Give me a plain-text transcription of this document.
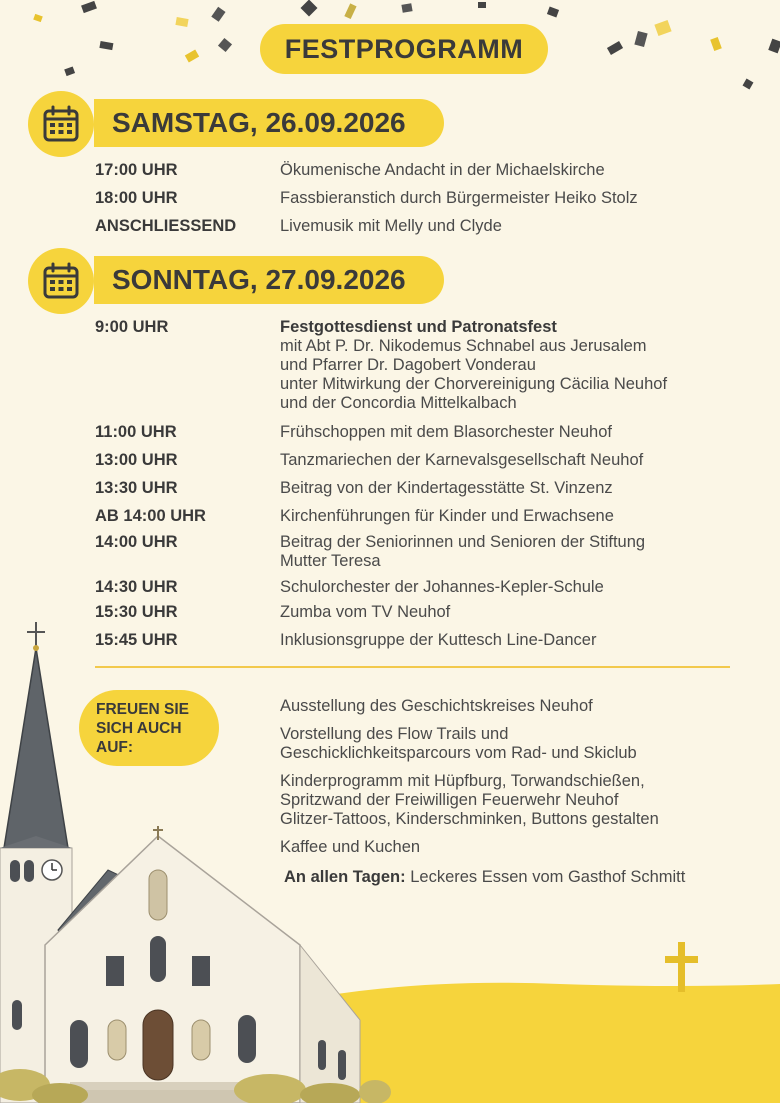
FESTPROGRAMM
SAMSTAG, 26.09.2026
17:00 UHR	Ökumenische Andacht in der Michaelskirche
18:00 UHR	Fassbieranstich durch Bürgermeister Heiko Stolz
ANSCHLIESSEND	Livemusik mit Melly und Clyde
SONNTAG, 27.09.2026
9:00 UHR	Festgottesdienst und Patronatsfest
mit Abt P. Dr. Nikodemus Schnabel aus Jerusalem
und Pfarrer Dr. Dagobert Vonderau
unter Mitwirkung der Chorvereinigung Cäcilia Neuhof
und der Concordia Mittelkalbach
11:00 UHR	Frühschoppen mit dem Blasorchester Neuhof
13:00 UHR	Tanzmariechen der Karnevalsgesellschaft Neuhof
13:30 UHR	Beitrag von der Kindertagesstätte St. Vinzenz
AB 14:00 UHR	Kirchenführungen für Kinder und Erwachsene
14:00 UHR	Beitrag der Seniorinnen und Senioren der Stiftung
Mutter Teresa
14:30 UHR	Schulorchester der Johannes-Kepler-Schule
15:30 UHR	Zumba vom TV Neuhof
15:45 UHR	Inklusionsgruppe der Kuttesch Line-Dancer
FREUEN SIE
SICH AUCH
AUF:
Ausstellung des Geschichtskreises Neuhof
Vorstellung des Flow Trails und
Geschicklichkeitsparcours vom Rad- und Skiclub
Kinderprogramm mit Hüpfburg, Torwandschießen,
Spritzwand der Freiwilligen Feuerwehr Neuhof
Glitzer-Tattoos, Kinderschminken, Buttons gestalten
Kaffee und Kuchen
An allen Tagen: Leckeres Essen vom Gasthof Schmitt
